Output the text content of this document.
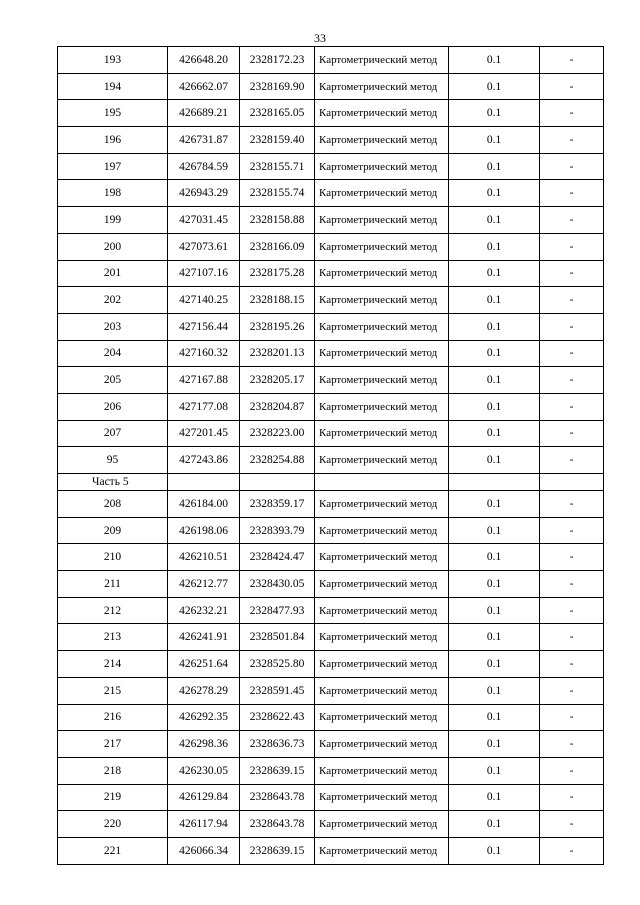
33
193	426648.20	2328172.23	Картометрический метод	0.1	-
194	426662.07	2328169.90	Картометрический метод	0.1	-
195	426689.21	2328165.05	Картометрический метод	0.1	-
196	426731.87	2328159.40	Картометрический метод	0.1	-
197	426784.59	2328155.71	Картометрический метод	0.1	-
198	426943.29	2328155.74	Картометрический метод	0.1	-
199	427031.45	2328158.88	Картометрический метод	0.1	-
200	427073.61	2328166.09	Картометрический метод	0.1	-
201	427107.16	2328175.28	Картометрический метод	0.1	-
202	427140.25	2328188.15	Картометрический метод	0.1	-
203	427156.44	2328195.26	Картометрический метод	0.1	-
204	427160.32	2328201.13	Картометрический метод	0.1	-
205	427167.88	2328205.17	Картометрический метод	0.1	-
206	427177.08	2328204.87	Картометрический метод	0.1	-
207	427201.45	2328223.00	Картометрический метод	0.1	-
95	427243.86	2328254.88	Картометрический метод	0.1	-
Часть 5					
208	426184.00	2328359.17	Картометрический метод	0.1	-
209	426198.06	2328393.79	Картометрический метод	0.1	-
210	426210.51	2328424.47	Картометрический метод	0.1	-
211	426212.77	2328430.05	Картометрический метод	0.1	-
212	426232.21	2328477.93	Картометрический метод	0.1	-
213	426241.91	2328501.84	Картометрический метод	0.1	-
214	426251.64	2328525.80	Картометрический метод	0.1	-
215	426278.29	2328591.45	Картометрический метод	0.1	-
216	426292.35	2328622.43	Картометрический метод	0.1	-
217	426298.36	2328636.73	Картометрический метод	0.1	-
218	426230.05	2328639.15	Картометрический метод	0.1	-
219	426129.84	2328643.78	Картометрический метод	0.1	-
220	426117.94	2328643.78	Картометрический метод	0.1	-
221	426066.34	2328639.15	Картометрический метод	0.1	-
